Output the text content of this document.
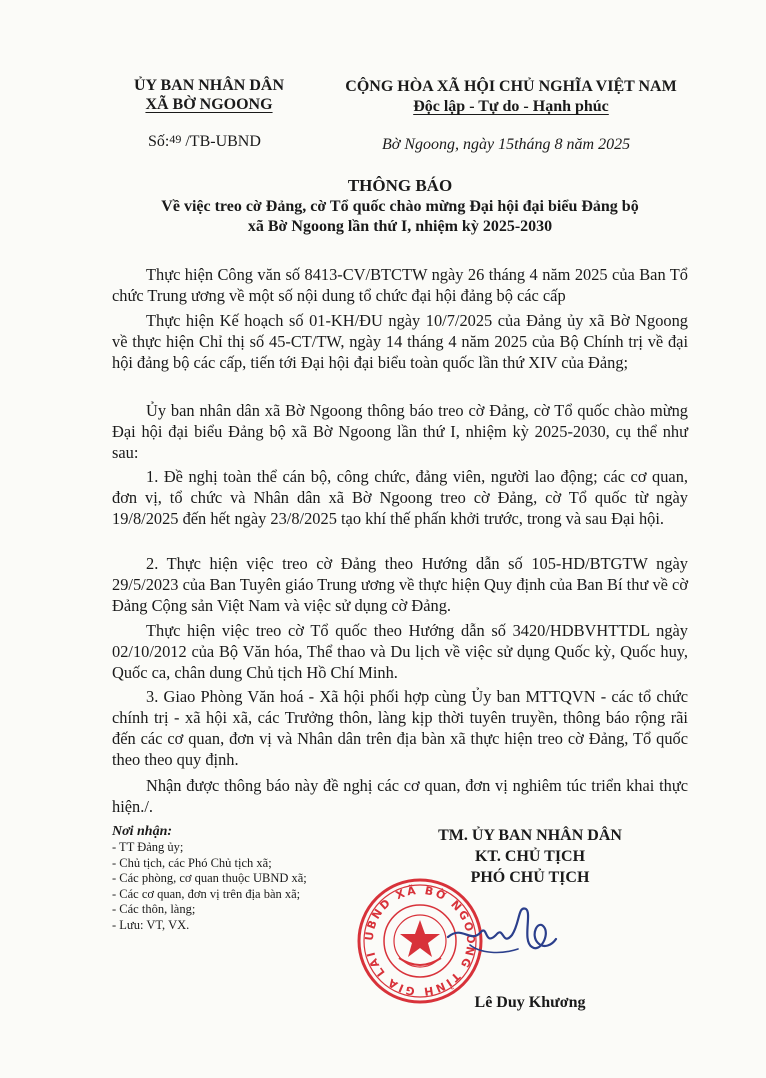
ỦY BAN NHÂN DÂN
XÃ BỜ NGOONG
CỘNG HÒA XÃ HỘI CHỦ NGHĨA VIỆT NAM
Độc lập - Tự do - Hạnh phúc
Số:$^{49}$ /TB-UBND	Bờ Ngoong, ngày 15tháng 8 năm 2025
THÔNG BÁO
Về việc treo cờ Đảng, cờ Tổ quốc chào mừng Đại hội đại biểu Đảng bộ
xã Bờ Ngoong lần thứ I, nhiệm kỳ 2025-2030

Thực hiện Công văn số 8413-CV/BTCTW ngày 26 tháng 4 năm 2025 của Ban Tổ chức Trung ương về một số nội dung tổ chức đại hội đảng bộ các cấp

Thực hiện Kế hoạch số 01-KH/ĐU ngày 10/7/2025 của Đảng ủy xã Bờ Ngoong về thực hiện Chỉ thị số 45-CT/TW, ngày 14 tháng 4 năm 2025 của Bộ Chính trị về đại hội đảng bộ các cấp, tiến tới Đại hội đại biểu toàn quốc lần thứ XIV của Đảng;

Ủy ban nhân dân xã Bờ Ngoong thông báo treo cờ Đảng, cờ Tổ quốc chào mừng Đại hội đại biểu Đảng bộ xã Bờ Ngoong lần thứ I, nhiệm kỳ 2025-2030, cụ thể như sau:

1. Đề nghị toàn thể cán bộ, công chức, đảng viên, người lao động; các cơ quan, đơn vị, tổ chức và Nhân dân xã Bờ Ngoong treo cờ Đảng, cờ Tổ quốc từ ngày 19/8/2025 đến hết ngày 23/8/2025 tạo khí thế phấn khởi trước, trong và sau Đại hội.

2. Thực hiện việc treo cờ Đảng theo Hướng dẫn số 105-HD/BTGTW ngày 29/5/2023 của Ban Tuyên giáo Trung ương về thực hiện Quy định của Ban Bí thư về cờ Đảng Cộng sản Việt Nam và việc sử dụng cờ Đảng.

Thực hiện việc treo cờ Tổ quốc theo Hướng dẫn số 3420/HDBVHTTDL ngày 02/10/2012 của Bộ Văn hóa, Thể thao và Du lịch về việc sử dụng Quốc kỳ, Quốc huy, Quốc ca, chân dung Chủ tịch Hồ Chí Minh.

3. Giao Phòng Văn hoá - Xã hội phối hợp cùng Ủy ban MTTQVN - các tổ chức chính trị - xã hội xã, các Trưởng thôn, làng kịp thời tuyên truyền, thông báo rộng rãi đến các cơ quan, đơn vị và Nhân dân trên địa bàn xã thực hiện treo cờ Đảng, Tổ quốc theo theo quy định.

Nhận được thông báo này đề nghị các cơ quan, đơn vị nghiêm túc triển khai thực hiện./.

Nơi nhận:
- TT Đảng ủy;
- Chủ tịch, các Phó Chủ tịch xã;
- Các phòng, cơ quan thuộc UBND xã;
- Các cơ quan, đơn vị trên địa bàn xã;
- Các thôn, làng;
- Lưu: VT, VX.
TM. ỦY BAN NHÂN DÂN
KT. CHỦ TỊCH
PHÓ CHỦ TỊCH
UBND XÃ BỜ NGOONG TỈNH GIA LAI
Lê Duy Khương
